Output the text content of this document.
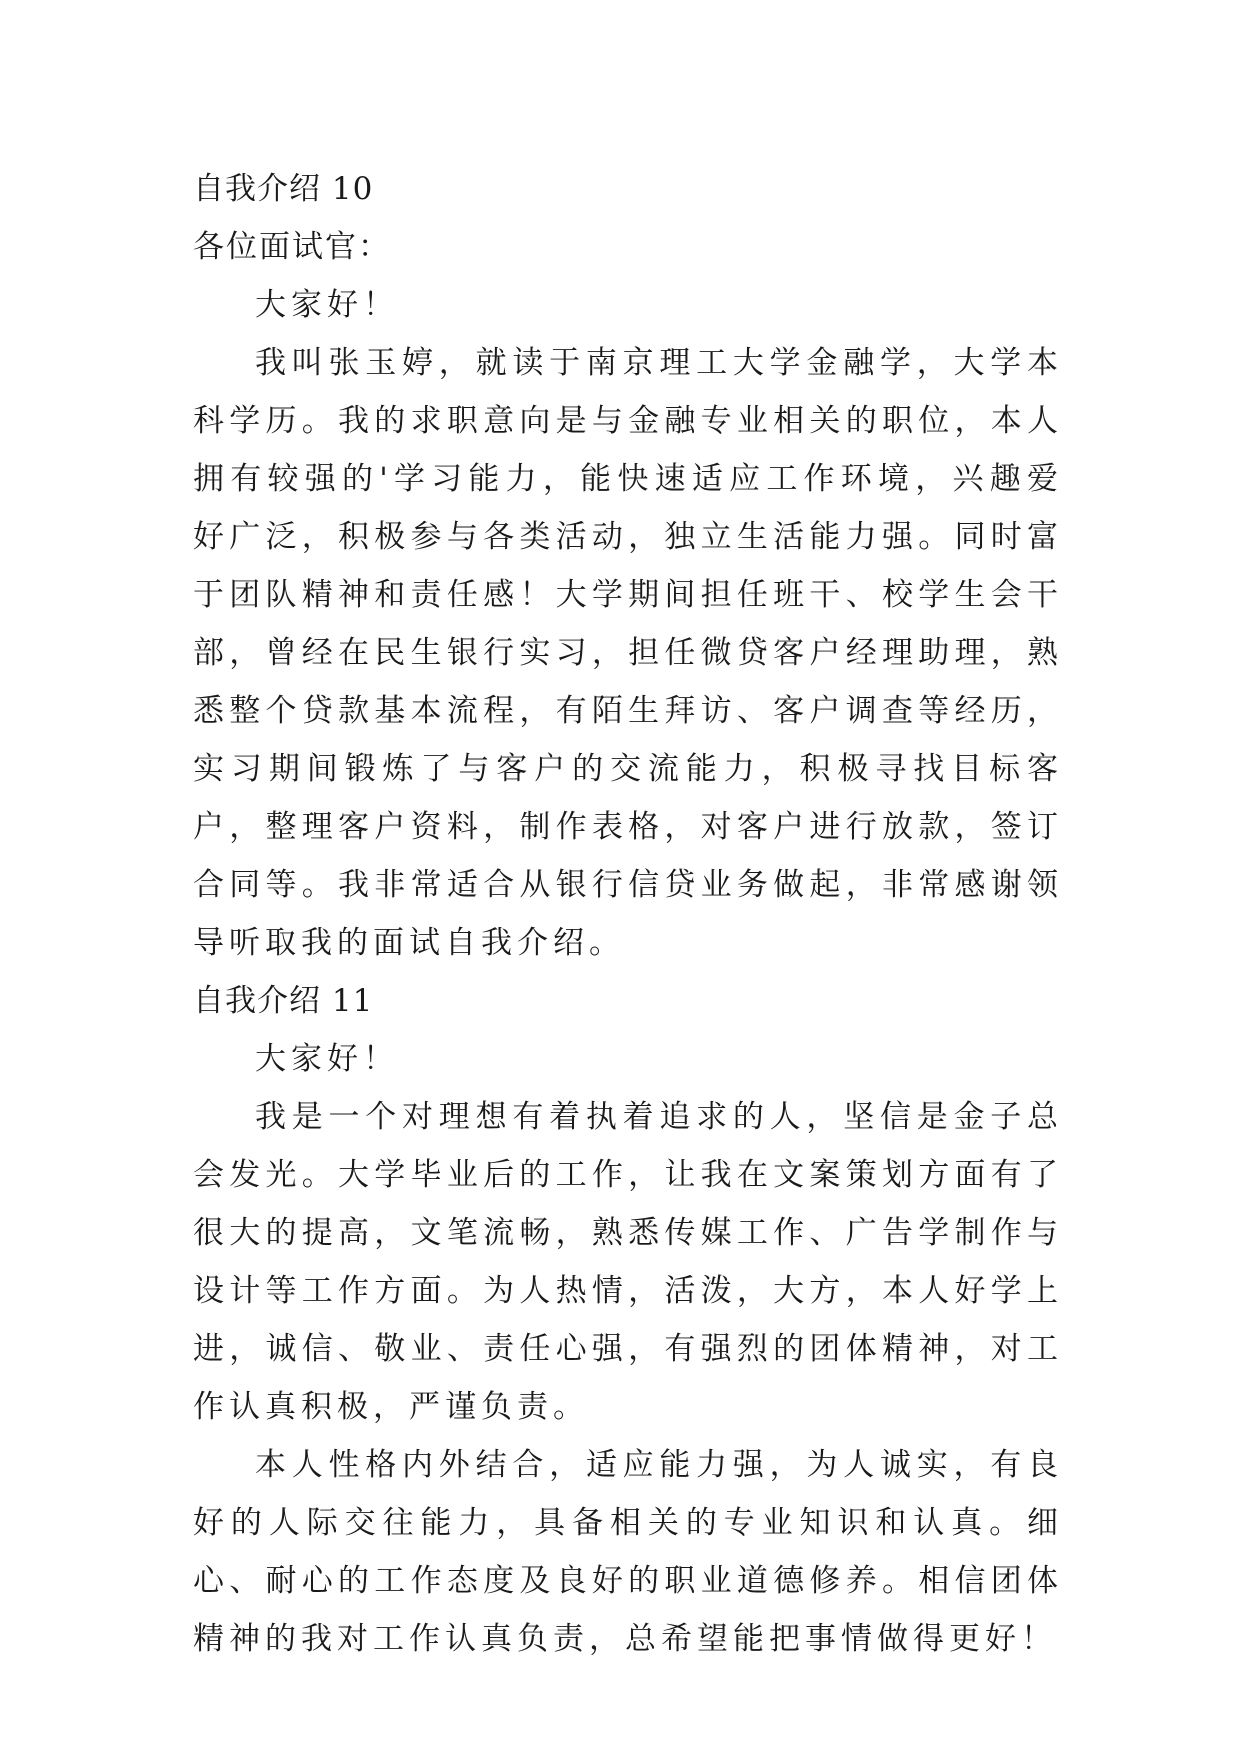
自我介绍 10
各位面试官：
大家好！

我叫张玉婷，就读于南京理工大学金融学，大学本科学历。我的求职意向是与金融专业相关的职位，本人拥有较强的'学习能力，能快速适应工作环境，兴趣爱好广泛，积极参与各类活动，独立生活能力强。同时富于团队精神和责任感！大学期间担任班干、校学生会干部，曾经在民生银行实习，担任微贷客户经理助理，熟悉整个贷款基本流程，有陌生拜访、客户调查等经历，实习期间锻炼了与客户的交流能力，积极寻找目标客户，整理客户资料，制作表格，对客户进行放款，签订合同等。我非常适合从银行信贷业务做起，非常感谢领导听取我的面试自我介绍。

自我介绍 11
大家好！

我是一个对理想有着执着追求的人，坚信是金子总会发光。大学毕业后的工作，让我在文案策划方面有了很大的提高，文笔流畅，熟悉传媒工作、广告学制作与设计等工作方面。为人热情，活泼，大方，本人好学上进，诚信、敬业、责任心强，有强烈的团体精神，对工作认真积极，严谨负责。

本人性格内外结合，适应能力强，为人诚实，有良好的人际交往能力，具备相关的专业知识和认真。细心、耐心的工作态度及良好的职业道德修养。相信团体精神的我对工作认真负责，总希望能把事情做得更好！
